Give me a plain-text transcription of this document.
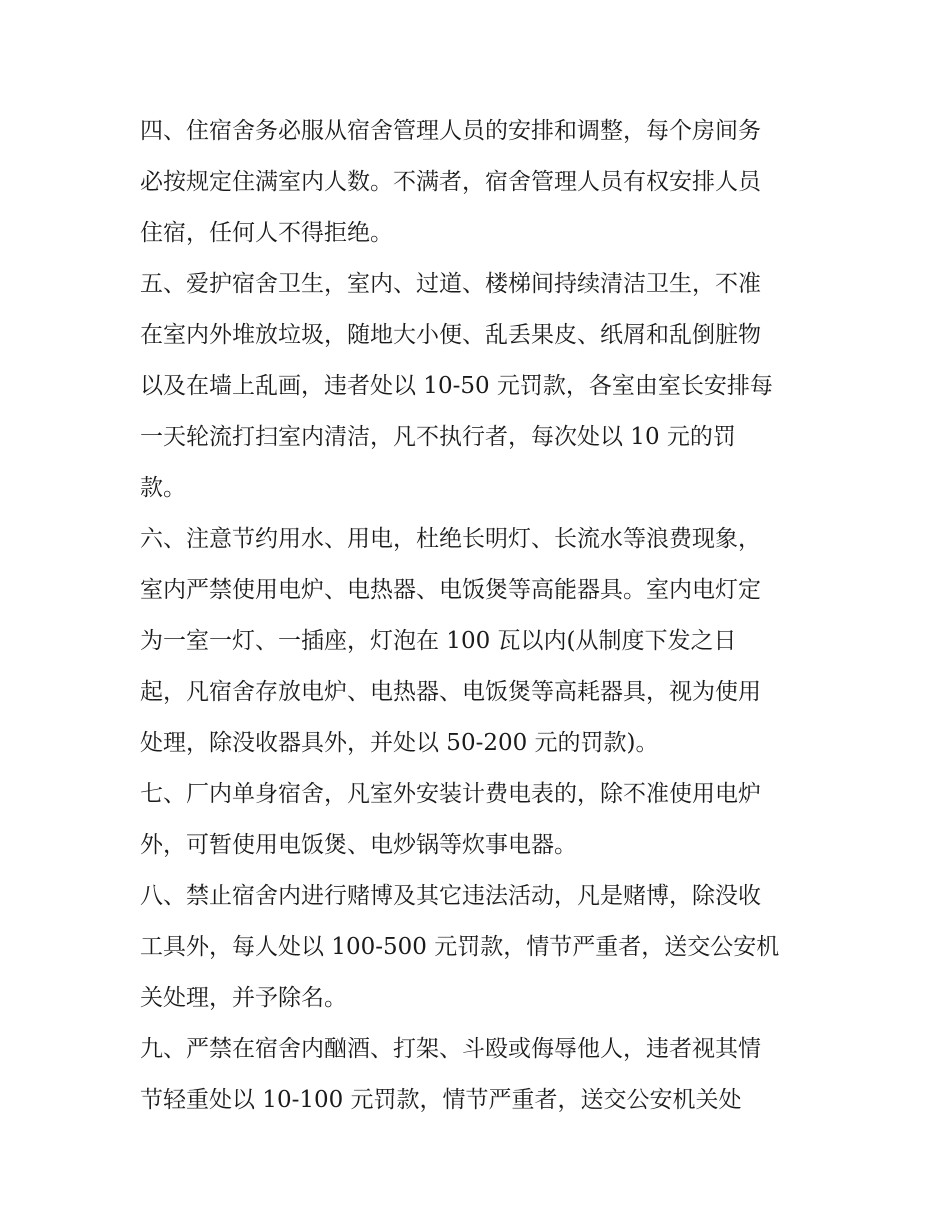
四、住宿舍务必服从宿舍管理人员的安排和调整，每个房间务
必按规定住满室内人数。不满者，宿舍管理人员有权安排人员
住宿，任何人不得拒绝。
五、爱护宿舍卫生，室内、过道、楼梯间持续清洁卫生，不准
在室内外堆放垃圾，随地大小便、乱丢果皮、纸屑和乱倒脏物
以及在墙上乱画，违者处以 10-50 元罚款，各室由室长安排每
一天轮流打扫室内清洁，凡不执行者，每次处以 10 元的罚
款。
六、注意节约用水、用电，杜绝长明灯、长流水等浪费现象，
室内严禁使用电炉、电热器、电饭煲等高能器具。室内电灯定
为一室一灯、一插座，灯泡在 100 瓦以内(从制度下发之日
起，凡宿舍存放电炉、电热器、电饭煲等高耗器具，视为使用
处理，除没收器具外，并处以 50-200 元的罚款)。
七、厂内单身宿舍，凡室外安装计费电表的，除不准使用电炉
外，可暂使用电饭煲、电炒锅等炊事电器。
八、禁止宿舍内进行赌博及其它违法活动，凡是赌博，除没收
工具外，每人处以 100-500 元罚款，情节严重者，送交公安机
关处理，并予除名。
九、严禁在宿舍内酗酒、打架、斗殴或侮辱他人，违者视其情
节轻重处以 10-100 元罚款，情节严重者，送交公安机关处
